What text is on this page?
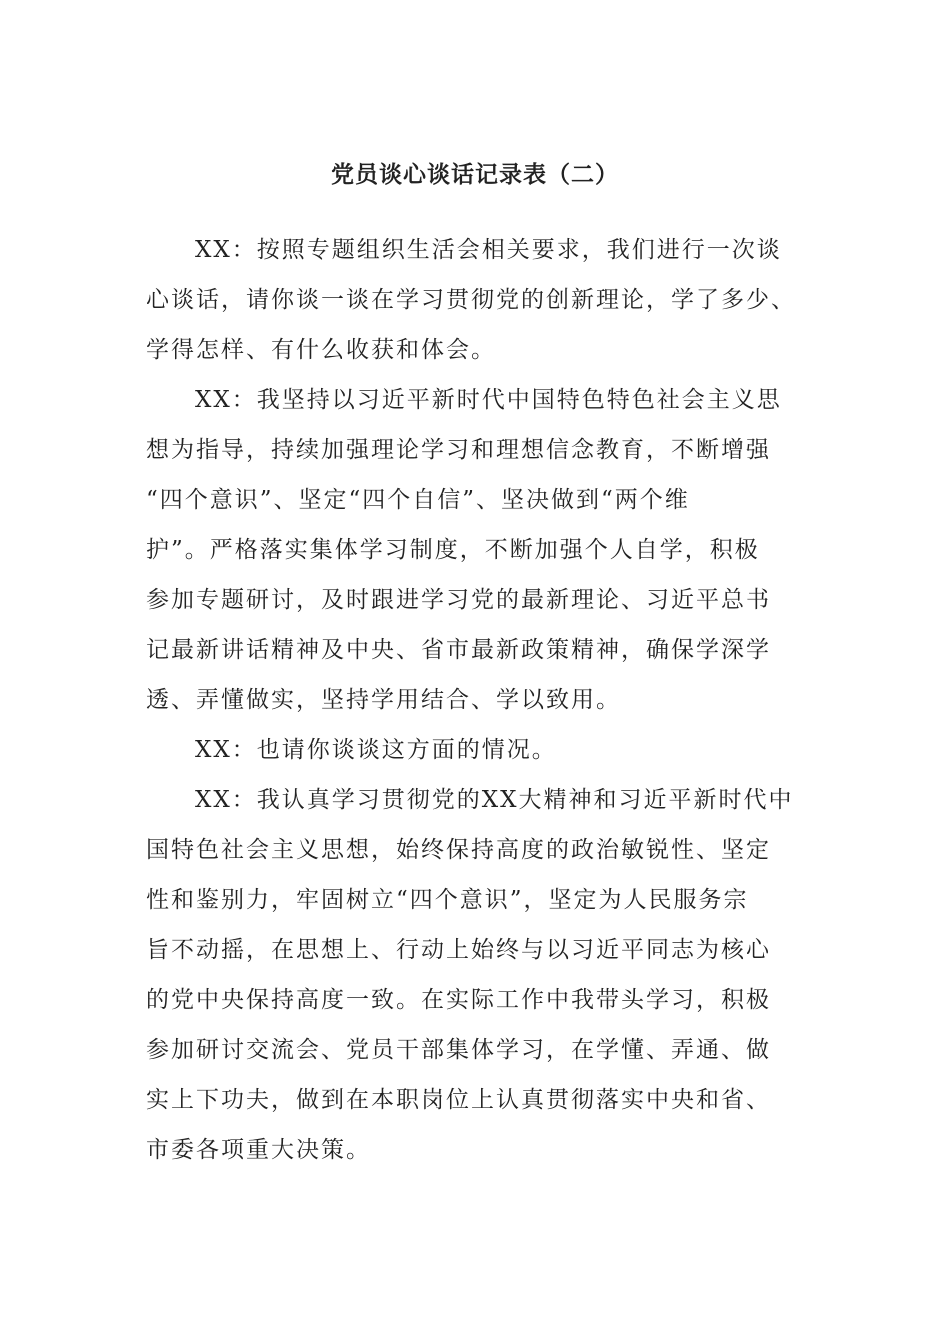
党员谈心谈话记录表（二）
XX：按照专题组织生活会相关要求，我们进行一次谈
心谈话，请你谈一谈在学习贯彻党的创新理论，学了多少、
学得怎样、有什么收获和体会。
XX：我坚持以习近平新时代中国特色特色社会主义思
想为指导，持续加强理论学习和理想信念教育，不断增强
“四个意识”、坚定“四个自信”、坚决做到“两个维
护”。严格落实集体学习制度，不断加强个人自学，积极
参加专题研讨，及时跟进学习党的最新理论、习近平总书
记最新讲话精神及中央、省市最新政策精神，确保学深学
透、弄懂做实，坚持学用结合、学以致用。
XX：也请你谈谈这方面的情况。
XX：我认真学习贯彻党的XX大精神和习近平新时代中
国特色社会主义思想，始终保持高度的政治敏锐性、坚定
性和鉴别力，牢固树立“四个意识”，坚定为人民服务宗
旨不动摇，在思想上、行动上始终与以习近平同志为核心
的党中央保持高度一致。在实际工作中我带头学习，积极
参加研讨交流会、党员干部集体学习，在学懂、弄通、做
实上下功夫，做到在本职岗位上认真贯彻落实中央和省、
市委各项重大决策。
